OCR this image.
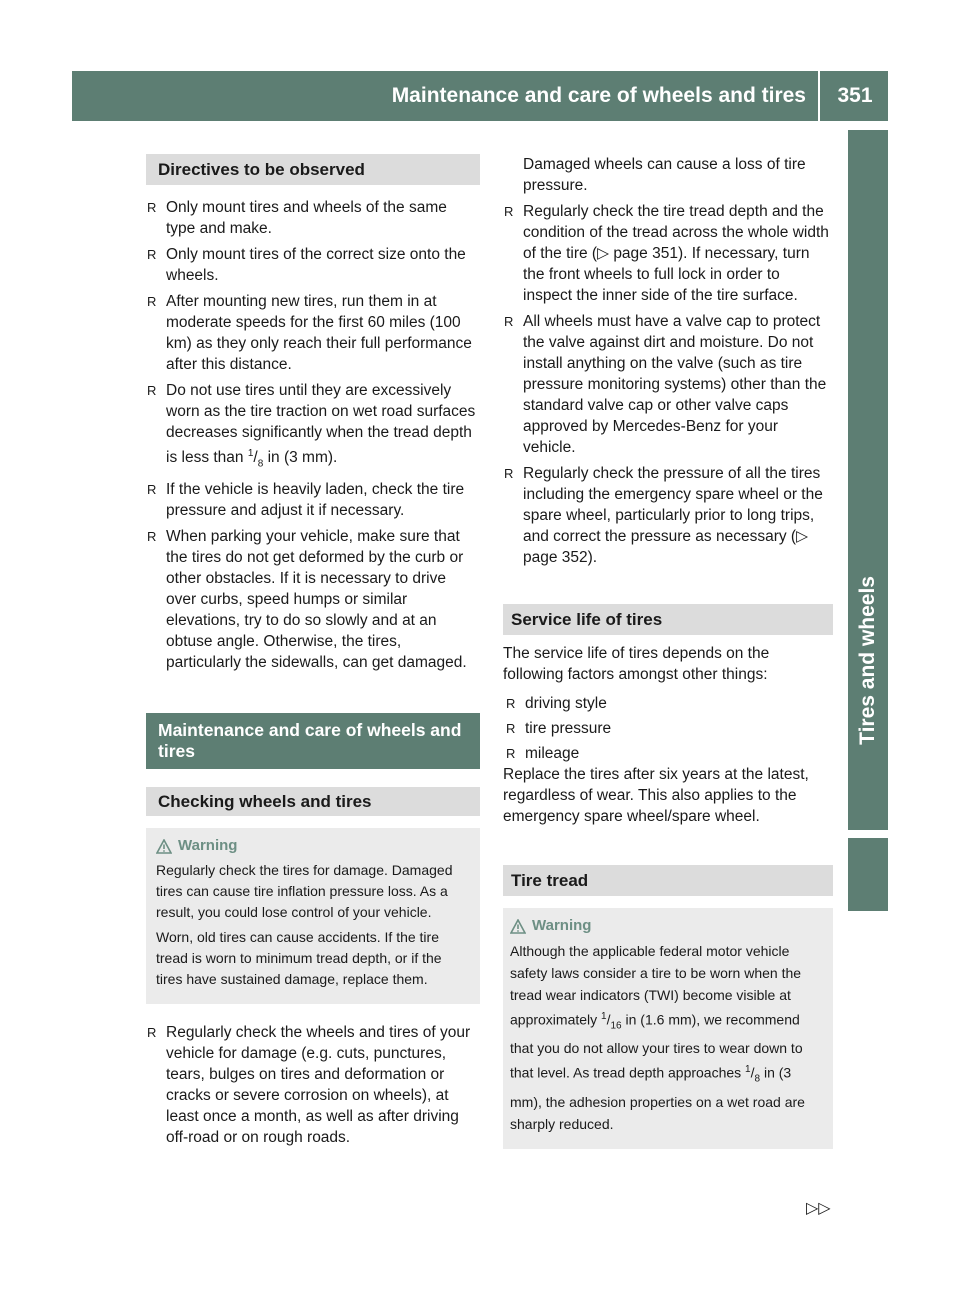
Maintenance and care of wheels and tires	351
Tires and wheels
Directives to be observed
R Only mount tires and wheels of the same type and make.
R Only mount tires of the correct size onto the wheels.
R After mounting new tires, run them in at moderate speeds for the first 60 miles (100 km) as they only reach their full performance after this distance.
R Do not use tires until they are excessively worn as the tire traction on wet road surfaces decreases significantly when the tread depth is less than $^1/_8$ in (3 mm).
R If the vehicle is heavily laden, check the tire pressure and adjust it if necessary.
R When parking your vehicle, make sure that the tires do not get deformed by the curb or other obstacles. If it is necessary to drive over curbs, speed humps or similar elevations, try to do so slowly and at an obtuse angle. Otherwise, the tires, particularly the sidewalls, can get damaged.
Maintenance and care of wheels and tires
Checking wheels and tires
Warning

Regularly check the tires for damage. Damaged tires can cause tire inflation pressure loss. As a result, you could lose control of your vehicle.

Worn, old tires can cause accidents. If the tire tread is worn to minimum tread depth, or if the tires have sustained damage, replace them.

R Regularly check the wheels and tires of your vehicle for damage (e.g. cuts, punctures, tears, bulges on tires and deformation or cracks or severe corrosion on wheels), at least once a month, as well as after driving off-road or on rough roads.

Damaged wheels can cause a loss of tire pressure.

R Regularly check the tire tread depth and the condition of the tread across the whole width of the tire (▷ page 351). If necessary, turn the front wheels to full lock in order to inspect the inner side of the tire surface.
R All wheels must have a valve cap to protect the valve against dirt and moisture. Do not install anything on the valve (such as tire pressure monitoring systems) other than the standard valve cap or other valve caps approved by Mercedes-Benz for your vehicle.
R Regularly check the pressure of all the tires including the emergency spare wheel or the spare wheel, particularly prior to long trips, and correct the pressure as necessary (▷ page 352).
Service life of tires

The service life of tires depends on the following factors amongst other things:

R driving style
R tire pressure
R mileage

Replace the tires after six years at the latest, regardless of wear. This also applies to the emergency spare wheel/spare wheel.

Tire tread
Warning

Although the applicable federal motor vehicle safety laws consider a tire to be worn when the tread wear indicators (TWI) become visible at approximately $^1/_{16}$ in (1.6 mm), we recommend that you do not allow your tires to wear down to that level. As tread depth approaches $^1/_8$ in (3 mm), the adhesion properties on a wet road are sharply reduced.

▷▷
